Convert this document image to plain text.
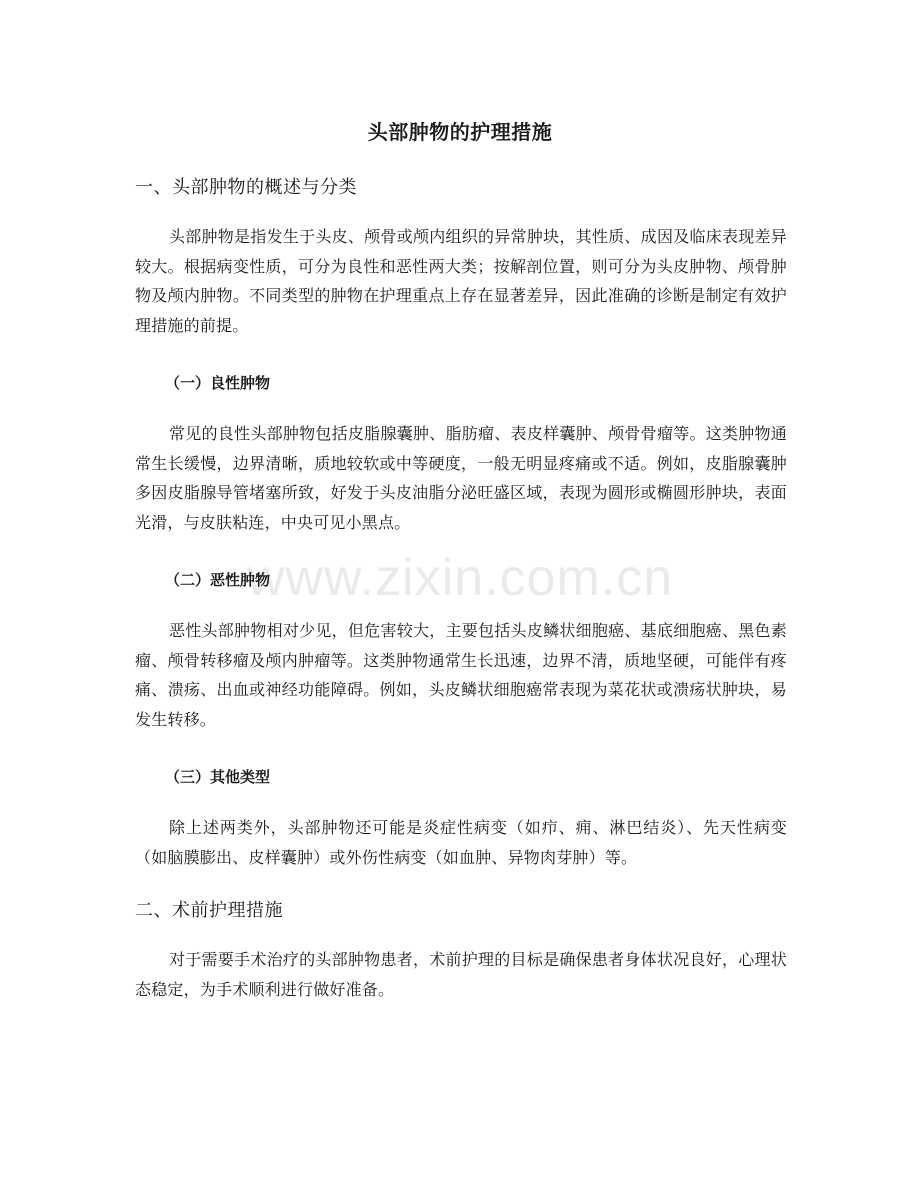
www.zixin.com.cn
头部肿物的护理措施
一、头部肿物的概述与分类

头部肿物是指发生于头皮、颅骨或颅内组织的异常肿块，其性质、成因及临床表现差异较大。根据病变性质，可分为良性和恶性两大类；按解剖位置，则可分为头皮肿物、颅骨肿物及颅内肿物。不同类型的肿物在护理重点上存在显著差异，因此准确的诊断是制定有效护理措施的前提。

（一）良性肿物

常见的良性头部肿物包括皮脂腺囊肿、脂肪瘤、表皮样囊肿、颅骨骨瘤等。这类肿物通常生长缓慢，边界清晰，质地较软或中等硬度，一般无明显疼痛或不适。例如，皮脂腺囊肿多因皮脂腺导管堵塞所致，好发于头皮油脂分泌旺盛区域，表现为圆形或椭圆形肿块，表面光滑，与皮肤粘连，中央可见小黑点。

（二）恶性肿物

恶性头部肿物相对少见，但危害较大，主要包括头皮鳞状细胞癌、基底细胞癌、黑色素瘤、颅骨转移瘤及颅内肿瘤等。这类肿物通常生长迅速，边界不清，质地坚硬，可能伴有疼痛、溃疡、出血或神经功能障碍。例如，头皮鳞状细胞癌常表现为菜花状或溃疡状肿块，易发生转移。

（三）其他类型

除上述两类外，头部肿物还可能是炎症性病变（如疖、痈、淋巴结炎）、先天性病变（如脑膜膨出、皮样囊肿）或外伤性病变（如血肿、异物肉芽肿）等。

二、术前护理措施

对于需要手术治疗的头部肿物患者，术前护理的目标是确保患者身体状况良好，心理状态稳定，为手术顺利进行做好准备。
